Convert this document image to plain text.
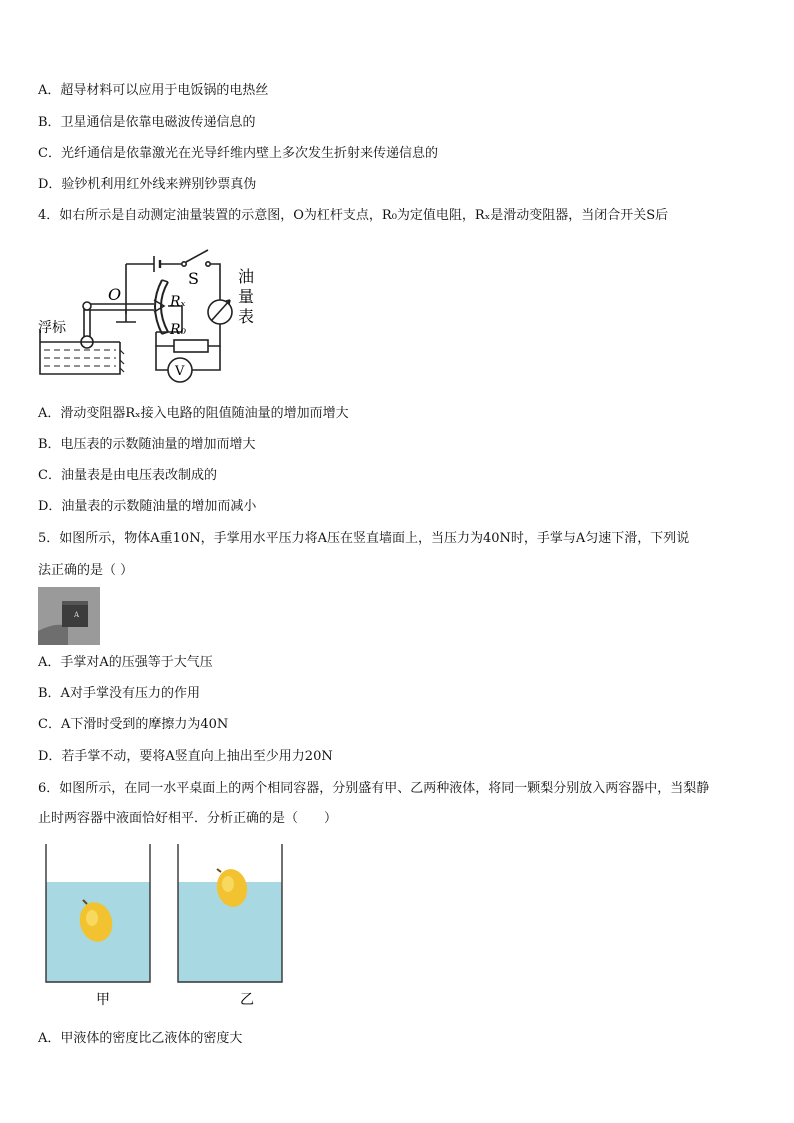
A．超导材料可以应用于电饭锅的电热丝
B．卫星通信是依靠电磁波传递信息的
C．光纤通信是依靠激光在光导纤维内壁上多次发生折射来传递信息的
D．验钞机利用红外线来辨别钞票真伪
4．如右所示是自动测定油量装置的示意图，O为杠杆支点，R₀为定值电阻，Rₓ是滑动变阻器，当闭合开关S后
浮标
O
S
Rₓ
R₀
V
油
量
表
A．滑动变阻器Rₓ接入电路的阻值随油量的增加而增大
B．电压表的示数随油量的增加而增大
C．油量表是由电压表改制成的
D．油量表的示数随油量的增加而减小
5．如图所示，物体A重10N，手掌用水平压力将A压在竖直墙面上，当压力为40N时，手掌与A匀速下滑，下列说
法正确的是（ ）
A
A．手掌对A的压强等于大气压
B．A对手掌没有压力的作用
C．A下滑时受到的摩擦力为40N
D．若手掌不动，要将A竖直向上抽出至少用力20N
6．如图所示，在同一水平桌面上的两个相同容器，分别盛有甲、乙两种液体，将同一颗梨分别放入两容器中，当梨静
止时两容器中液面恰好相平．分析正确的是（　　）
甲	乙
A．甲液体的密度比乙液体的密度大
